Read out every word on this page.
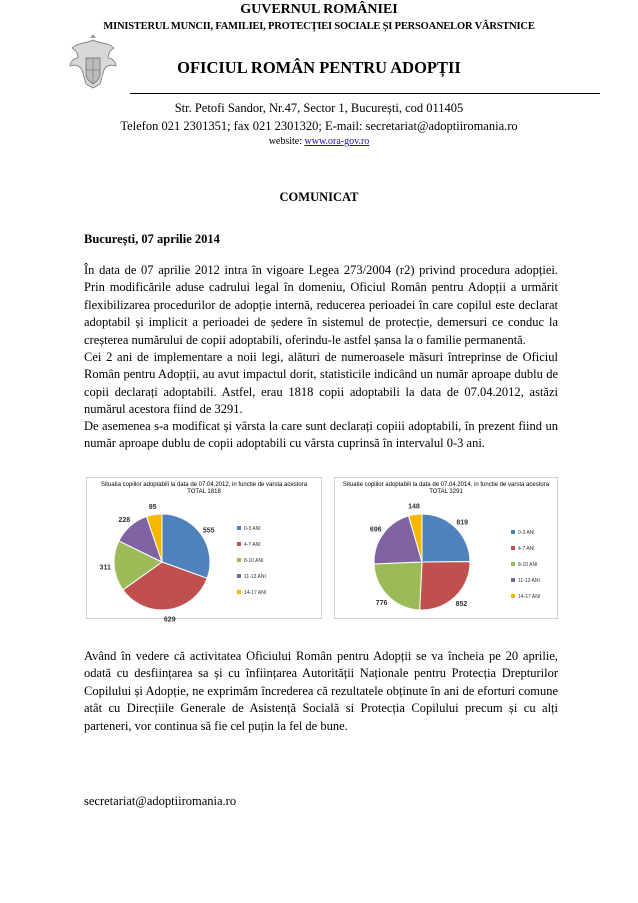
GUVERNUL ROMÂNIEI
MINISTERUL MUNCII, FAMILIEI, PROTECȚIEI SOCIALE ȘI PERSOANELOR VÂRSTNICE
OFICIUL ROMÂN PENTRU ADOPȚII
Str. Petofi Sandor, Nr.47, Sector 1, București, cod 011405
Telefon 021 2301351; fax 021 2301320; E-mail: secretariat@adoptiiromania.ro
website: www.ora-gov.ro
COMUNICAT
București, 07 aprilie 2014
În data de 07 aprilie 2012 intra în vigoare Legea 273/2004 (r2) privind procedura adopției. Prin modificările aduse cadrului legal în domeniu, Oficiul Român pentru Adopții a urmărit flexibilizarea procedurilor de adopție internă, reducerea perioadei în care copilul este declarat adoptabil și implicit a perioadei de ședere în sistemul de protecție, demersuri ce conduc la creșterea numărului de copii adoptabili, oferindu-le astfel șansa la o familie permanentă.
Cei 2 ani de implementare a noii legi, alături de numeroasele măsuri întreprinse de Oficiul Român pentru Adopții, au avut impactul dorit, statisticile indicând un număr aproape dublu de copii declarați adoptabili. Astfel, erau 1818 copii adoptabili la data de 07.04.2012, astăzi numărul acestora fiind de 3291.
De asemenea s-a modificat și vârsta la care sunt declarați copiii adoptabili, în prezent fiind un număr aproape dublu de copii adoptabili cu vârsta cuprinsă în intervalul 0-3 ani.
Situatia copiilor adoptabili la data de 07.04.2012, in functie de varsta acestora
TOTAL 1818
555
629
311
228
95
0-3 ANI
4-7 ANI
8-10 ANI
11-13 ANI
14-17 ANI
Situatie copiilor adoptabili la data de 07.04.2014, in functie de varsta acestora
TOTAL 3291
819
852
776
696
148
0-3 ANI
4-7 ANI
8-10 ANI
11-13 ANI
14-17 ANI
Având în vedere că activitatea Oficiului Român pentru Adopții se va încheia pe 20 aprilie, odată cu desființarea sa și cu înființarea Autorității Naționale pentru Protecția Drepturilor Copilului și Adopție, ne exprimăm încrederea că rezultatele obținute în ani de eforturi comune atât cu Direcțiile Generale de Asistență Socială si Protecția Copilului precum și cu alți parteneri, vor continua să fie cel puțin la fel de bune.
secretariat@adoptiiromania.ro
